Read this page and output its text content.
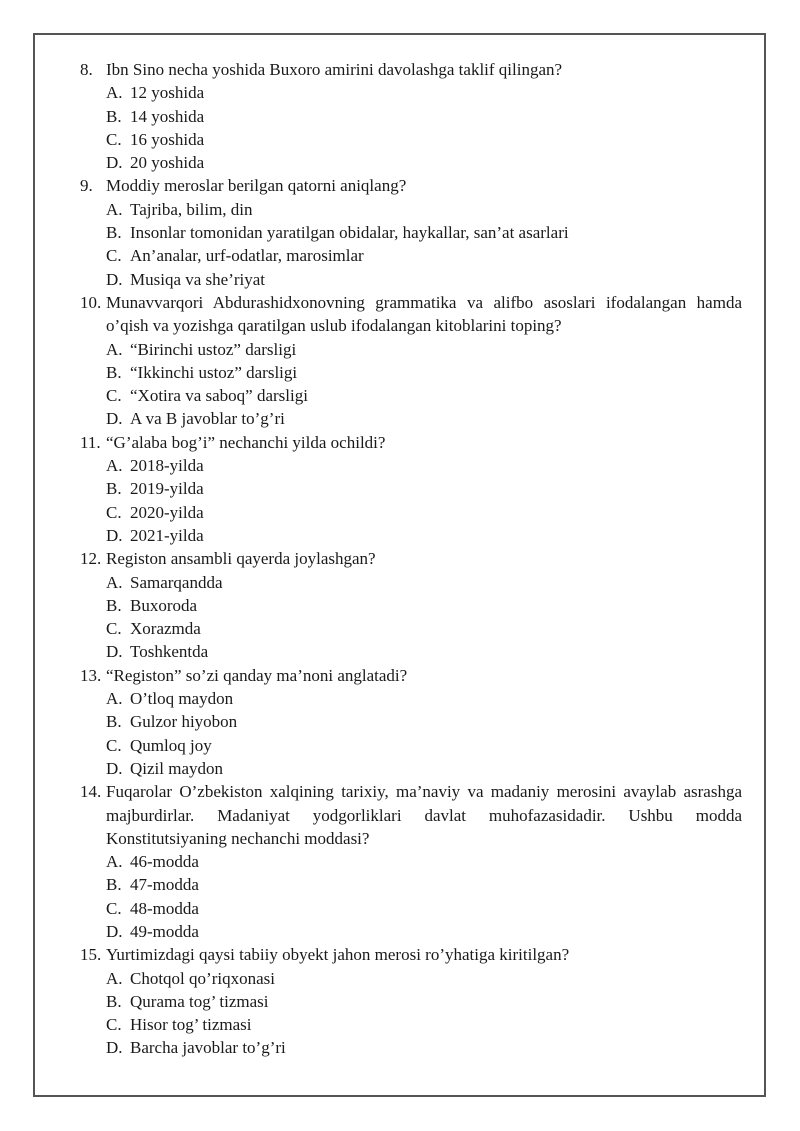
8. Ibn Sino necha yoshida Buxoro amirini davolashga taklif qilingan?
A. 12 yoshida
B. 14 yoshida
C. 16 yoshida
D. 20 yoshida
9. Moddiy meroslar berilgan qatorni aniqlang?
A. Tajriba, bilim, din
B. Insonlar tomonidan yaratilgan obidalar, haykallar, san’at asarlari
C. An’analar, urf-odatlar, marosimlar
D. Musiqa va she’riyat
10. Munavvarqori Abdurashidxonovning grammatika va alifbo asoslari ifodalangan hamda o’qish va yozishga qaratilgan uslub ifodalangan kitoblarini toping?
A. “Birinchi ustoz” darsligi
B. “Ikkinchi ustoz” darsligi
C. “Xotira va saboq” darsligi
D. A va B javoblar to’g’ri
11. “G’alaba bog’i” nechanchi yilda ochildi?
A. 2018-yilda
B. 2019-yilda
C. 2020-yilda
D. 2021-yilda
12. Registon ansambli qayerda joylashgan?
A. Samarqandda
B. Buxoroda
C. Xorazmda
D. Toshkentda
13. “Registon” so’zi qanday ma’noni anglatadi?
A. O’tloq maydon
B. Gulzor hiyobon
C. Qumloq joy
D. Qizil maydon
14. Fuqarolar O’zbekiston xalqining tarixiy, ma’naviy va madaniy merosini avaylab asrashga majburdirlar. Madaniyat yodgorliklari davlat muhofazasidadir. Ushbu modda Konstitutsiyaning nechanchi moddasi?
A. 46-modda
B. 47-modda
C. 48-modda
D. 49-modda
15. Yurtimizdagi qaysi tabiiy obyekt jahon merosi ro’yhatiga kiritilgan?
A. Chotqol qo’riqxonasi
B. Qurama tog’ tizmasi
C. Hisor tog’ tizmasi
D. Barcha javoblar to’g’ri
